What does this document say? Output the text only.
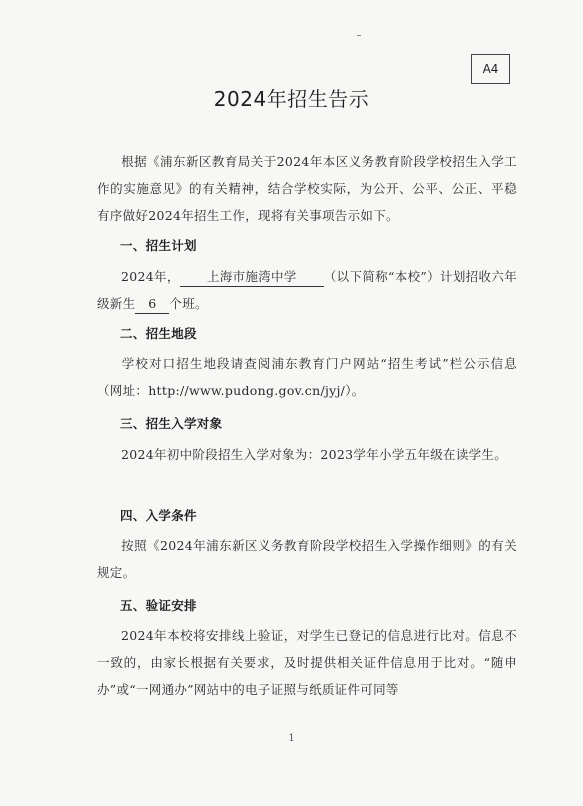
A4
2024年招生告示

根据《浦东新区教育局关于2024年本区义务教育阶段学校招生入学工作的实施意见》的有关精神，结合学校实际，为公开、公平、公正、平稳有序做好2024年招生工作，现将有关事项告示如下。

一、招生计划

2024年， 上海市施湾中学 （以下简称“本校”）计划招收六年级新生 6 个班。

二、招生地段

学校对口招生地段请查阅浦东教育门户网站“招生考试”栏公示信息（网址：http://www.pudong.gov.cn/jyj/）。

三、招生入学对象

2024年初中阶段招生入学对象为：2023学年小学五年级在读学生。

四、入学条件

按照《2024年浦东新区义务教育阶段学校招生入学操作细则》的有关规定。

五、验证安排

2024年本校将安排线上验证，对学生已登记的信息进行比对。信息不一致的，由家长根据有关要求，及时提供相关证件信息用于比对。“随申办”或“一网通办”网站中的电子证照与纸质证件可同等

1
